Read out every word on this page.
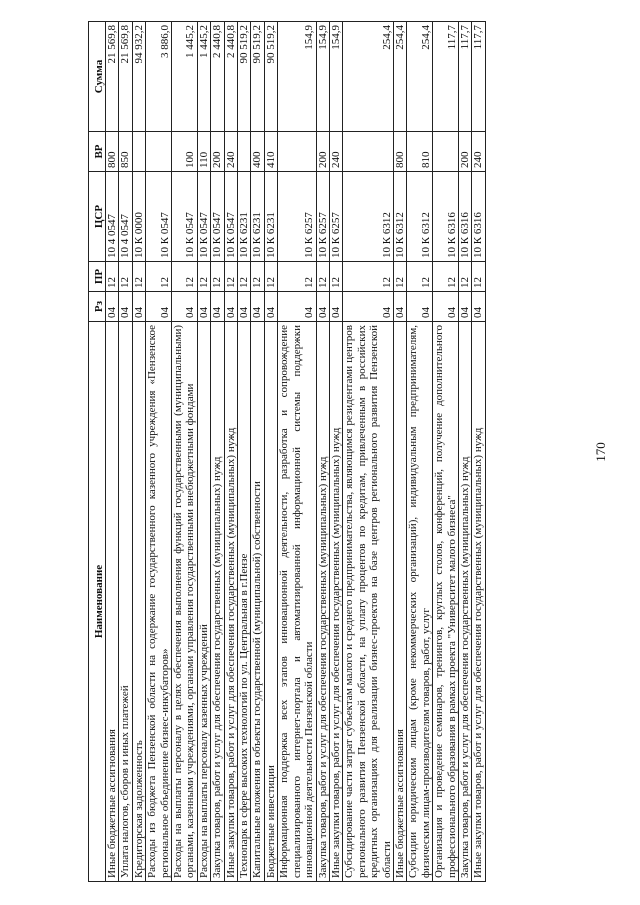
170
Наименование	Рз	ПР	ЦСР	ВР	Сумма
Иные бюджетные ассигнования	04	12	10 4 0547	800	21 569,8
Уплата налогов, сборов и иных платежей	04	12	10 4 0547	850	21 569,8
Кредиторская задолженность	04	12	10 К 0000		94 932,2
Расходы из бюджета Пензенской области на содержание государственного казенного учреждения «Пензенское региональное объединение бизнес-инкубаторов»	04	12	10 К 0547		3 886,0
Расходы на выплаты персоналу в целях обеспечения выполнения функций государственными (муниципальными) органами, казенными учреждениями, органами управления государственными внебюджетными фондами	04	12	10 К 0547	100	1 445,2
Расходы на выплаты персоналу казенных учреждений	04	12	10 К 0547	110	1 445,2
Закупка товаров, работ и услуг для обеспечения государственных (муниципальных) нужд	04	12	10 К 0547	200	2 440,8
Иные закупки товаров, работ и услуг для обеспечения государственных (муниципальных) нужд	04	12	10 К 0547	240	2 440,8
Технопарк в сфере высоких технологий по ул. Центральная в г.Пензе	04	12	10 К 6231		90 519,2
Капитальные вложения в объекты государственной (муниципальной) собственности	04	12	10 К 6231	400	90 519,2
Бюджетные инвестиции	04	12	10 К 6231	410	90 519,2
Информационная поддержка всех этапов инновационной деятельности, разработка и сопровождение специализированного интернет-портала и автоматизированной информационной системы поддержки инновационной деятельности Пензенской области	04	12	10 К 6257		154,9
Закупка товаров, работ и услуг для обеспечения государственных (муниципальных) нужд	04	12	10 К 6257	200	154,9
Иные закупки товаров, работ и услуг для обеспечения государственных (муниципальных) нужд	04	12	10 К 6257	240	154,9
Субсидирование части затрат субъектам малого и среднего предпринимательства, являющимся резидентами центров регионального развития Пензенской области, на уплату процентов по кредитам, привлеченным в российских кредитных организациях для реализации бизнес-проектов на базе центров регионального развития Пензенской области	04	12	10 К 6312		254,4
Иные бюджетные ассигнования	04	12	10 К 6312	800	254,4
Субсидии юридическим лицам (кроме некоммерческих организаций), индивидуальным предпринимателям, физическим лицам-производителям товаров, работ, услуг	04	12	10 К 6312	810	254,4
Организация и проведение семинаров, тренингов, круглых столов, конференций, получение дополнительного профессионального образования в рамках проекта "Университет малого бизнеса"	04	12	10 К 6316		117,7
Закупка товаров, работ и услуг для обеспечения государственных (муниципальных) нужд	04	12	10 К 6316	200	117,7
Иные закупки товаров, работ и услуг для обеспечения государственных (муниципальных) нужд	04	12	10 К 6316	240	117,7
